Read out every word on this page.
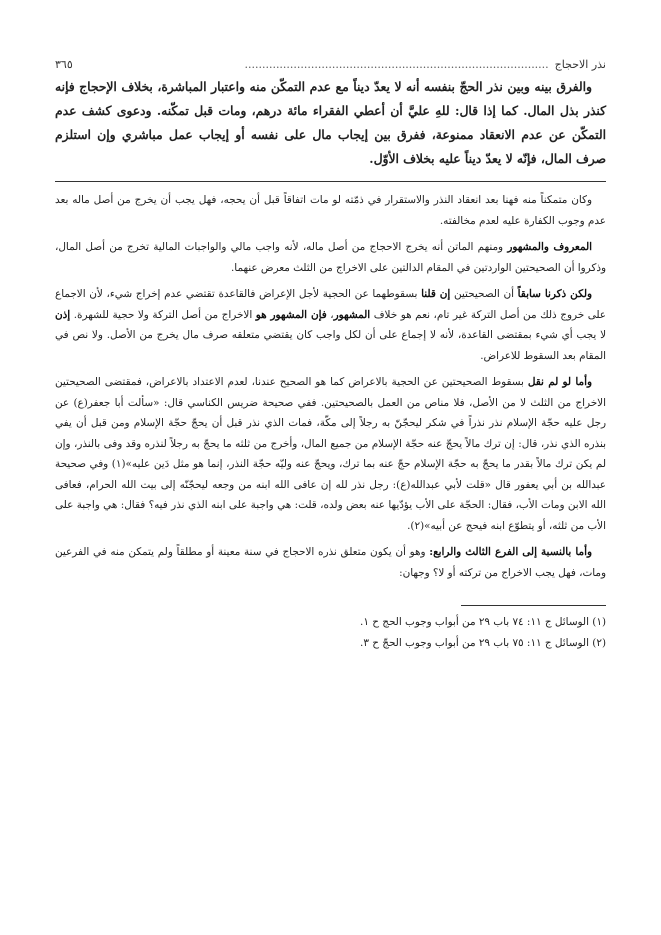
نذر الاحجاج
.......................................................................................
٣٦٥
والفرق بينه وبين نذر الحجّ بنفسه أنه لا يعدّ ديناً مع عدم التمكّن منه واعتبار المباشرة، بخلاف الإحجاج فإنه كنذر بذل المال. كما إذا قال: للهِ عليَّ أن أعطي الفقراء مائة درهم، ومات قبل تمكّنه. ودعوى كشف عدم التمكّن عن عدم الانعقاد ممنوعة، ففرق بين إيجاب مال على نفسه أو إيجاب عمل مباشري وإن استلزم صرف المال، فإنّه لا يعدّ ديناً عليه بخلاف الأوّل.

وكان متمكناً منه فهنا بعد انعقاد النذر والاستقرار في ذمّته لو مات اتفاقاً قبل أن يحجه، فهل يجب أن يخرج من أصل ماله بعد عدم وجوب الكفارة عليه لعدم مخالفته.

المعروف والمشهور ومنهم الماتن أنه يخرج الاحجاج من أصل ماله، لأنه واجب مالي والواجبات المالية تخرج من أصل المال، وذكروا أن الصحيحتين الواردتين في المقام الدالتين على الاخراج من الثلث معرض عنهما.

ولكن ذكرنا سابقاً أن الصحيحتين إن قلنا بسقوطهما عن الحجية لأجل الإعراض فالقاعدة تقتضي عدم إخراج شيء، لأن الاجماع على خروج ذلك من أصل التركة غير تام، نعم هو خلاف المشهور، فإن المشهور هو الاخراج من أصل التركة ولا حجية للشهرة. إذن لا يجب أي شيء بمقتضى القاعدة، لأنه لا إجماع على أن لكل واجب كان يقتضي متعلقه صرف مال يخرج من الأصل. ولا نص في المقام بعد السقوط للاعراض.

وأما لو لم نقل بسقوط الصحيحتين عن الحجية بالاعراض كما هو الصحيح عندنا، لعدم الاعتداد بالاعراض، فمقتضى الصحيحتين الاخراج من الثلث لا من الأصل، فلا مناص من العمل بالصحيحتين. ففي صحيحة ضريس الكناسي قال: «سألت أبا جعفر(ع) عن رجل عليه حجّة الإسلام نذر نذراً في شكر ليحجّنّ به رجلاً إلى مكّة، فمات الذي نذر قبل أن يحجّ حجّة الإسلام ومن قبل أن يفي بنذره الذي نذر، قال: إن ترك مالاً يحجّ عنه حجّة الإسلام من جميع المال، وأخرج من ثلثه ما يحجّ به رجلاً لنذره وقد وفى بالنذر، وإن لم يكن ترك مالاً بقدر ما يحجّ به حجّة الإسلام حجّ عنه بما ترك، ويحجّ عنه وليّه حجّة النذر، إنما هو مثل دَين عليه»(١) وفي صحيحة عبدالله بن أبي يعفور قال «قلت لأبي عبدالله(ع): رجل نذر لله إن عافى الله ابنه من وجعه ليحجّنّه إلى بيت الله الحرام، فعافى الله الابن ومات الأب، فقال: الحجّة على الأب يؤدّيها عنه بعض ولده، قلت: هي واجبة على ابنه الذي نذر فيه؟ فقال: هي واجبة على الأب من ثلثه، أو يتطوّع ابنه فيحج عن أبيه»(٢).

وأما بالنسبة إلى الفرع الثالث والرابع: وهو أن يكون متعلق نذره الاحجاج في سنة معينة أو مطلقاً ولم يتمكن منه في الفرعين ومات، فهل يجب الاخراج من تركته أو لا؟ وجهان:

(١) الوسائل ج ١١: ٧٤ باب ٢٩ من أبواب وجوب الحج ح ١.
(٢) الوسائل ج ١١: ٧٥ باب ٢٩ من أبواب وجوب الحجّ ح ٣.
